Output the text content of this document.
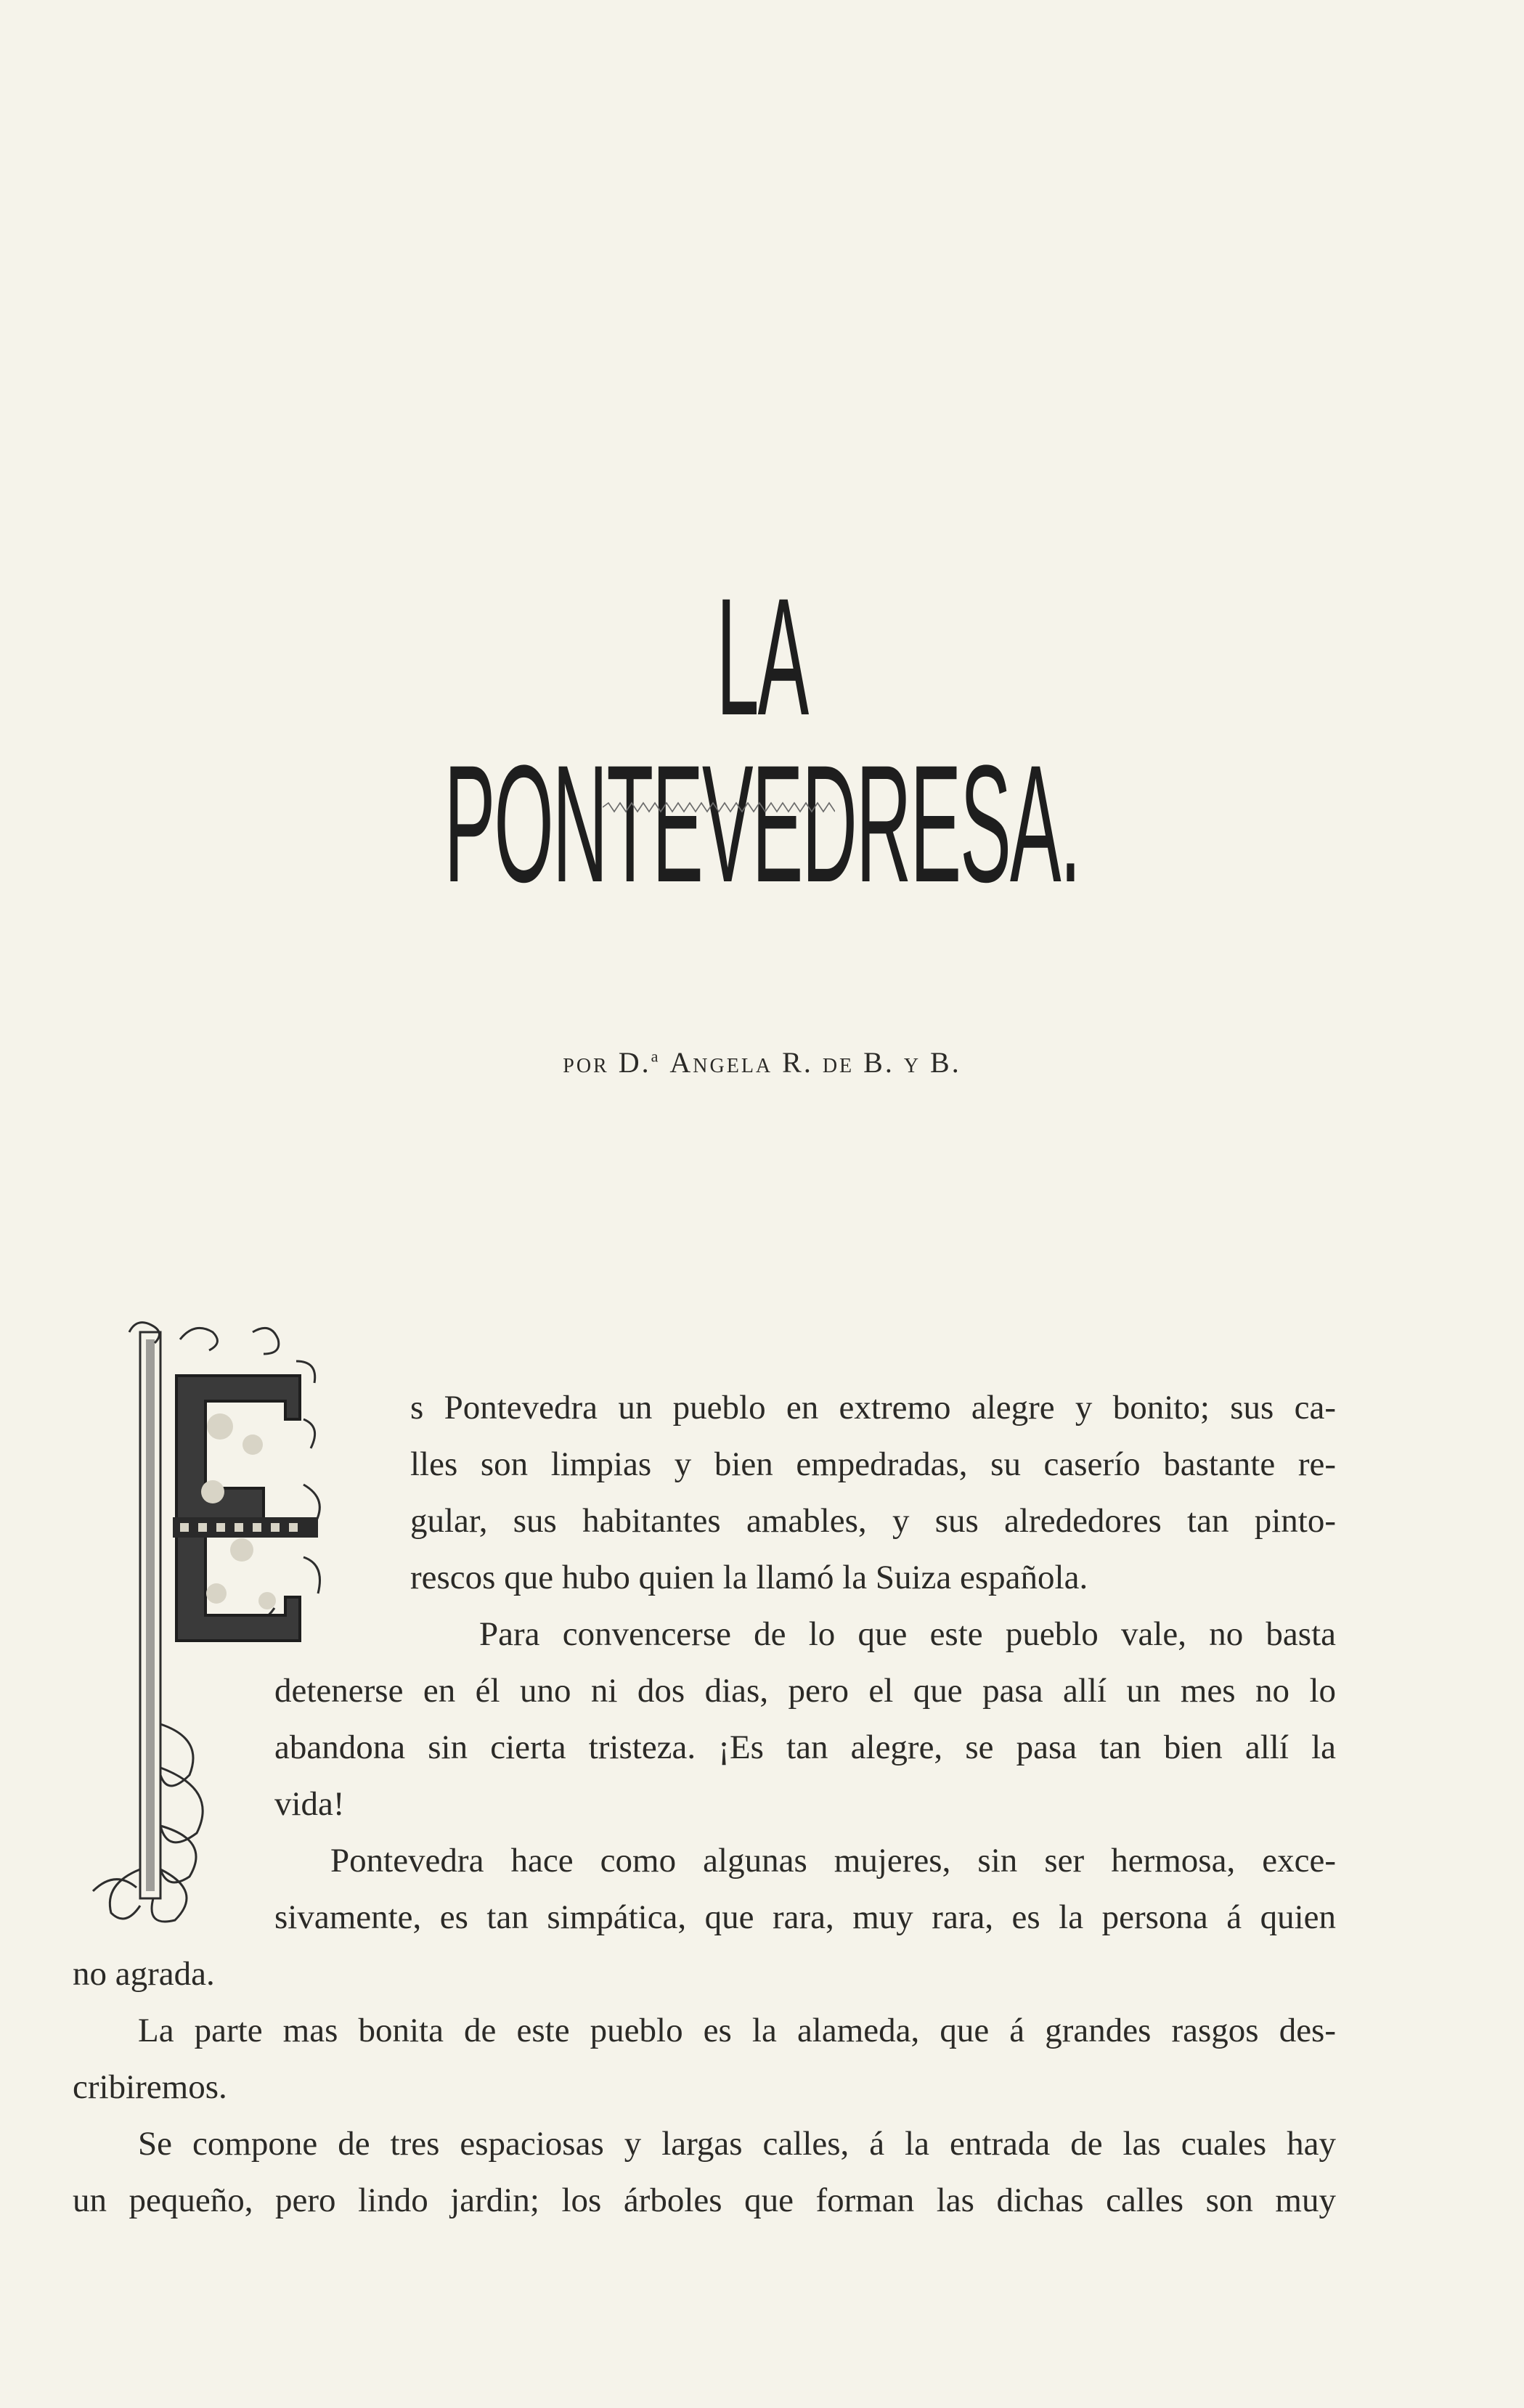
LA PONTEVEDRESA.
por D.$^a$ Angela R. de B. y B.
s Pontevedra un pueblo en extremo alegre y bonito; sus ca-
lles son limpias y bien empedradas, su caserío bastante re-
gular, sus habitantes amables, y sus alrededores tan pinto-
rescos que hubo quien la llamó la Suiza española.
Para convencerse de lo que este pueblo vale, no basta
detenerse en él uno ni dos dias, pero el que pasa allí un mes no lo
abandona sin cierta tristeza. ¡Es tan alegre, se pasa tan bien allí la
vida!
Pontevedra hace como algunas mujeres, sin ser hermosa, exce-
sivamente, es tan simpática, que rara, muy rara, es la persona á quien
no agrada.
La parte mas bonita de este pueblo es la alameda, que á grandes rasgos des-
cribiremos.
Se compone de tres espaciosas y largas calles, á la entrada de las cuales hay
un pequeño, pero lindo jardin; los árboles que forman las dichas calles son muy
